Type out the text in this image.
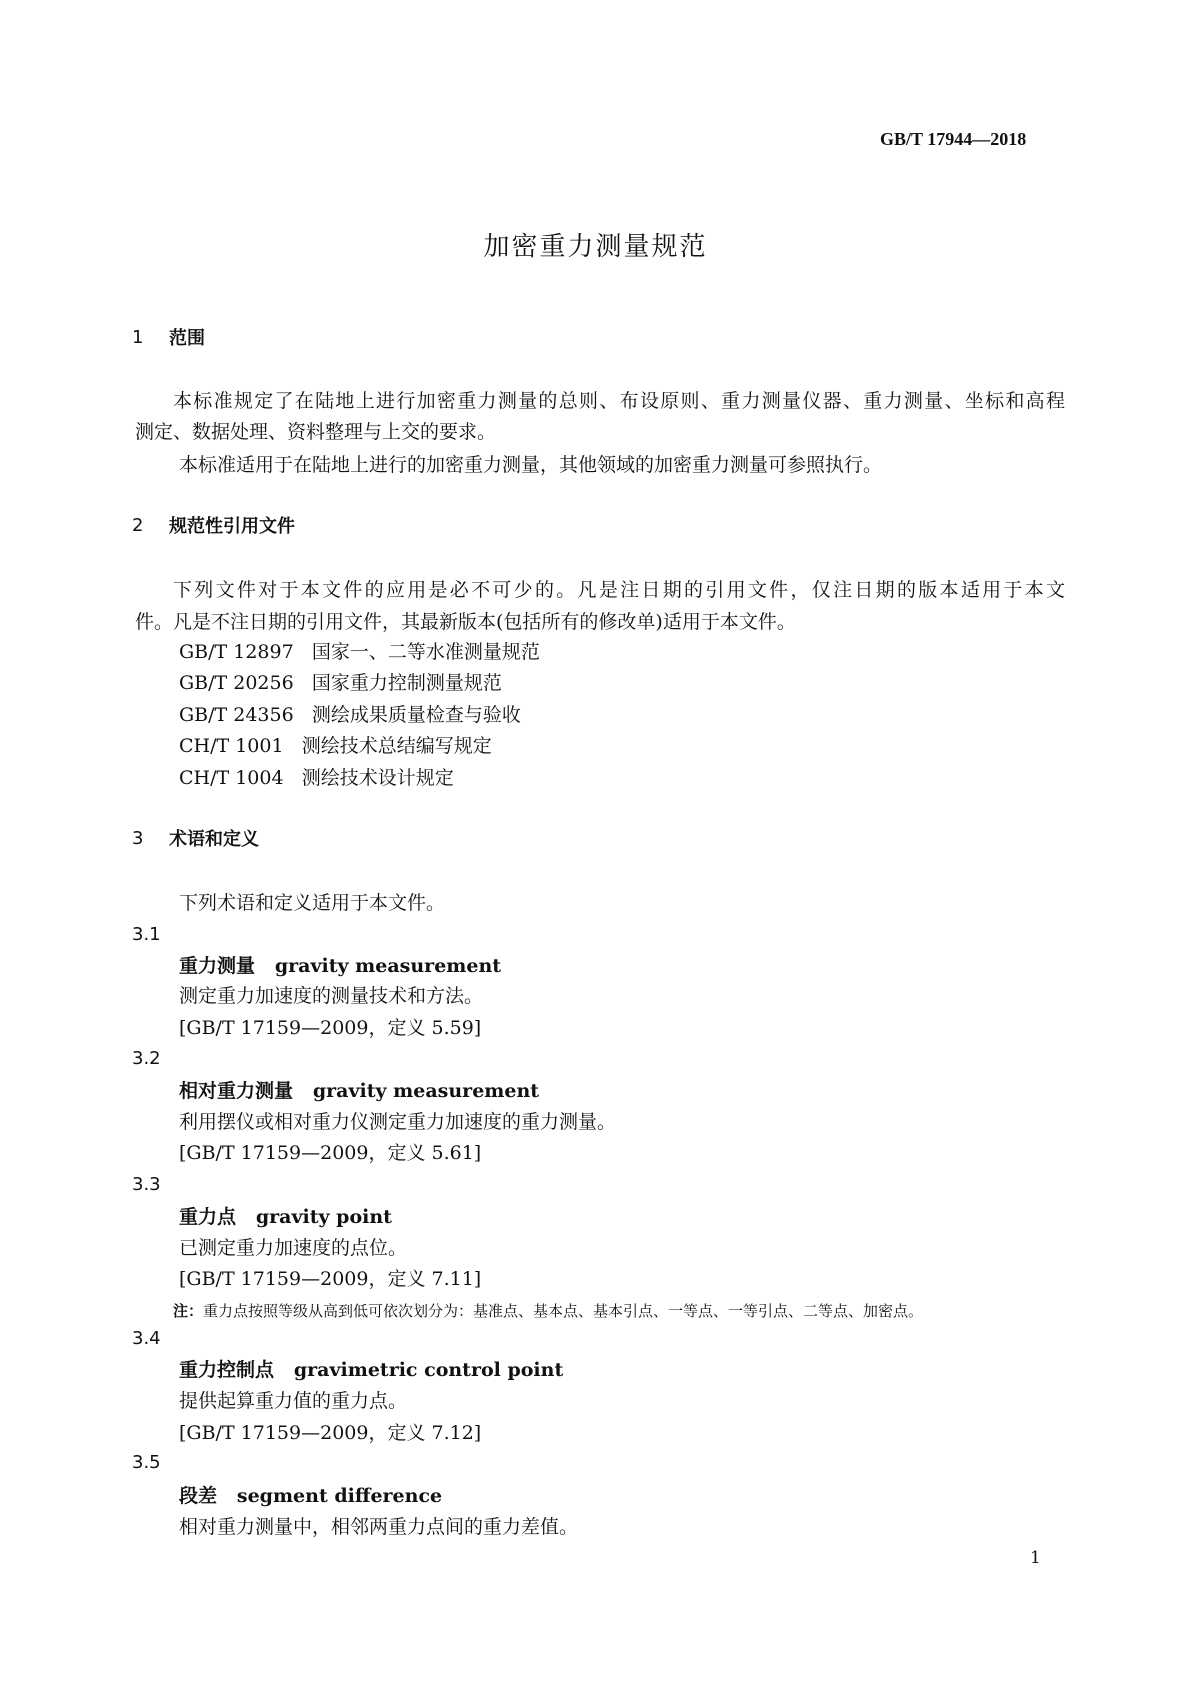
GB/T 17944—2018
加密重力测量规范
1 范围
本标准规定了在陆地上进行加密重力测量的总则、布设原则、重力测量仪器、重力测量、坐标和高程
测定、数据处理、资料整理与上交的要求。
本标准适用于在陆地上进行的加密重力测量，其他领域的加密重力测量可参照执行。
2 规范性引用文件
下列文件对于本文件的应用是必不可少的。凡是注日期的引用文件，仅注日期的版本适用于本文
件。凡是不注日期的引用文件，其最新版本(包括所有的修改单)适用于本文件。
GB/T 12897 国家一、二等水准测量规范
GB/T 20256 国家重力控制测量规范
GB/T 24356 测绘成果质量检查与验收
CH/T 1001 测绘技术总结编写规定
CH/T 1004 测绘技术设计规定
3 术语和定义
下列术语和定义适用于本文件。
3.1
重力测量 gravity measurement
测定重力加速度的测量技术和方法。
[GB/T 17159—2009，定义 5.59]
3.2
相对重力测量 gravity measurement
利用摆仪或相对重力仪测定重力加速度的重力测量。
[GB/T 17159—2009，定义 5.61]
3.3
重力点 gravity point
已测定重力加速度的点位。
[GB/T 17159—2009，定义 7.11]
注：重力点按照等级从高到低可依次划分为：基准点、基本点、基本引点、一等点、一等引点、二等点、加密点。
3.4
重力控制点 gravimetric control point
提供起算重力值的重力点。
[GB/T 17159—2009，定义 7.12]
3.5
段差 segment difference
相对重力测量中，相邻两重力点间的重力差值。
1
